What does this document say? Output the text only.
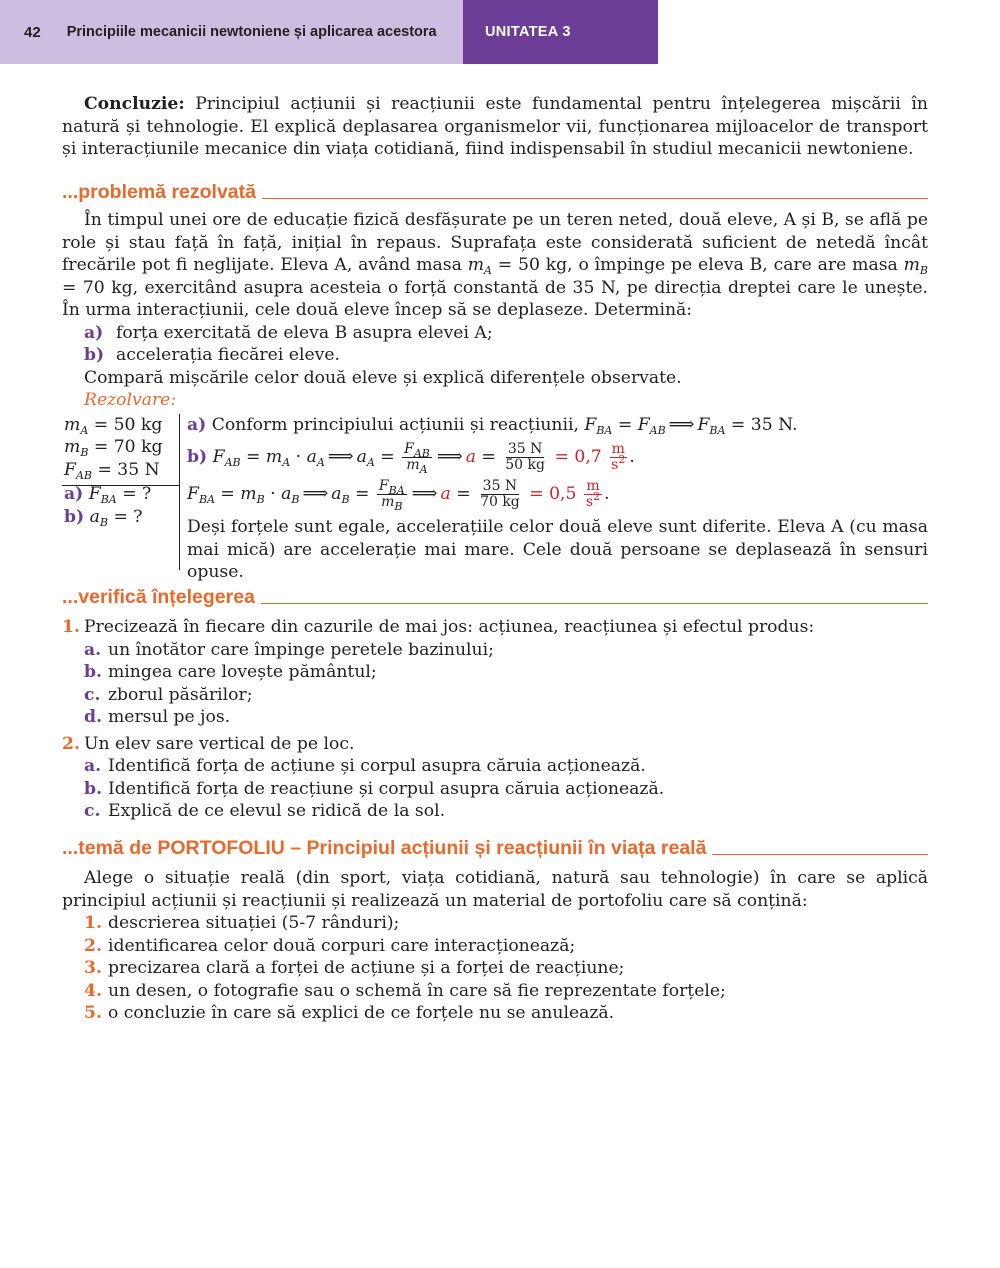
42 Principiile mecanicii newtoniene și aplicarea acestora	UNITATEA 3

Concluzie: Principiul acțiunii și reacțiunii este fundamental pentru înțelegerea mișcării în natură și tehnologie. El explică deplasarea organismelor vii, funcționarea mijloacelor de transport și interacțiunile mecanice din viața cotidiană, fiind indispensabil în studiul mecanicii newtoniene.

...problemă rezolvată

În timpul unei ore de educație fizică desfășurate pe un teren neted, două eleve, A și B, se află pe role și stau față în față, inițial în repaus. Suprafața este considerată suficient de netedă încât frecările pot fi neglijate. Eleva A, având masa $m_A = 50$ kg, o împinge pe eleva B, care are masa $m_B = 70$ kg, exercitând asupra acesteia o forță constantă de 35 N, pe direcția dreptei care le unește. În urma interacțiunii, cele două eleve încep să se deplaseze. Determină:

a) forța exercitată de eleva B asupra elevei A;
b) accelerația fiecărei eleve.

Compară mișcările celor două eleve și explică diferențele observate.

Rezolvare:
$m_A = 50$ kg
$m_B = 70$ kg
$F_{AB} = 35$ N
a) $F_{BA}$ = ?
b) $a_B$ = ?
a) Conform principiului acțiunii și reacțiunii, $F_{BA} = F_{AB}$ ⟹ $F_{BA} = 35$ N.
b) $F_{AB} = m_A \cdot a_A$ ⟹ $a_A = \frac{F_{AB}}{m_A}$ ⟹ $a = \frac{35 N}{50 kg} = 0,7 \frac{m}{s^2}$ .
$F_{BA} = m_B \cdot a_B$ ⟹ $a_B = \frac{F_{BA}}{m_B}$ ⟹ $a = \frac{35 N}{70 kg} = 0,5 \frac{m}{s^2}$ .

Deși forțele sunt egale, accelerațiile celor două eleve sunt diferite. Eleva A (cu masa mai mică) are accelerație mai mare. Cele două persoane se deplasează în sensuri opuse.

...verifică înțelegerea
1. Precizează în fiecare din cazurile de mai jos: acțiunea, reacțiunea și efectul produs:
a. un înotător care împinge peretele bazinului;
b. mingea care lovește pământul;
c. zborul păsărilor;
d. mersul pe jos.
2. Un elev sare vertical de pe loc.
a. Identifică forța de acțiune și corpul asupra căruia acționează.
b. Identifică forța de reacțiune și corpul asupra căruia acționează.
c. Explică de ce elevul se ridică de la sol.
...temă de PORTOFOLIU – Principiul acțiunii și reacțiunii în viața reală

Alege o situație reală (din sport, viața cotidiană, natură sau tehnologie) în care se aplică principiul acțiunii și reacțiunii și realizează un material de portofoliu care să conțină:

1. descrierea situației (5-7 rânduri);
2. identificarea celor două corpuri care interacționează;
3. precizarea clară a forței de acțiune și a forței de reacțiune;
4. un desen, o fotografie sau o schemă în care să fie reprezentate forțele;
5. o concluzie în care să explici de ce forțele nu se anulează.
